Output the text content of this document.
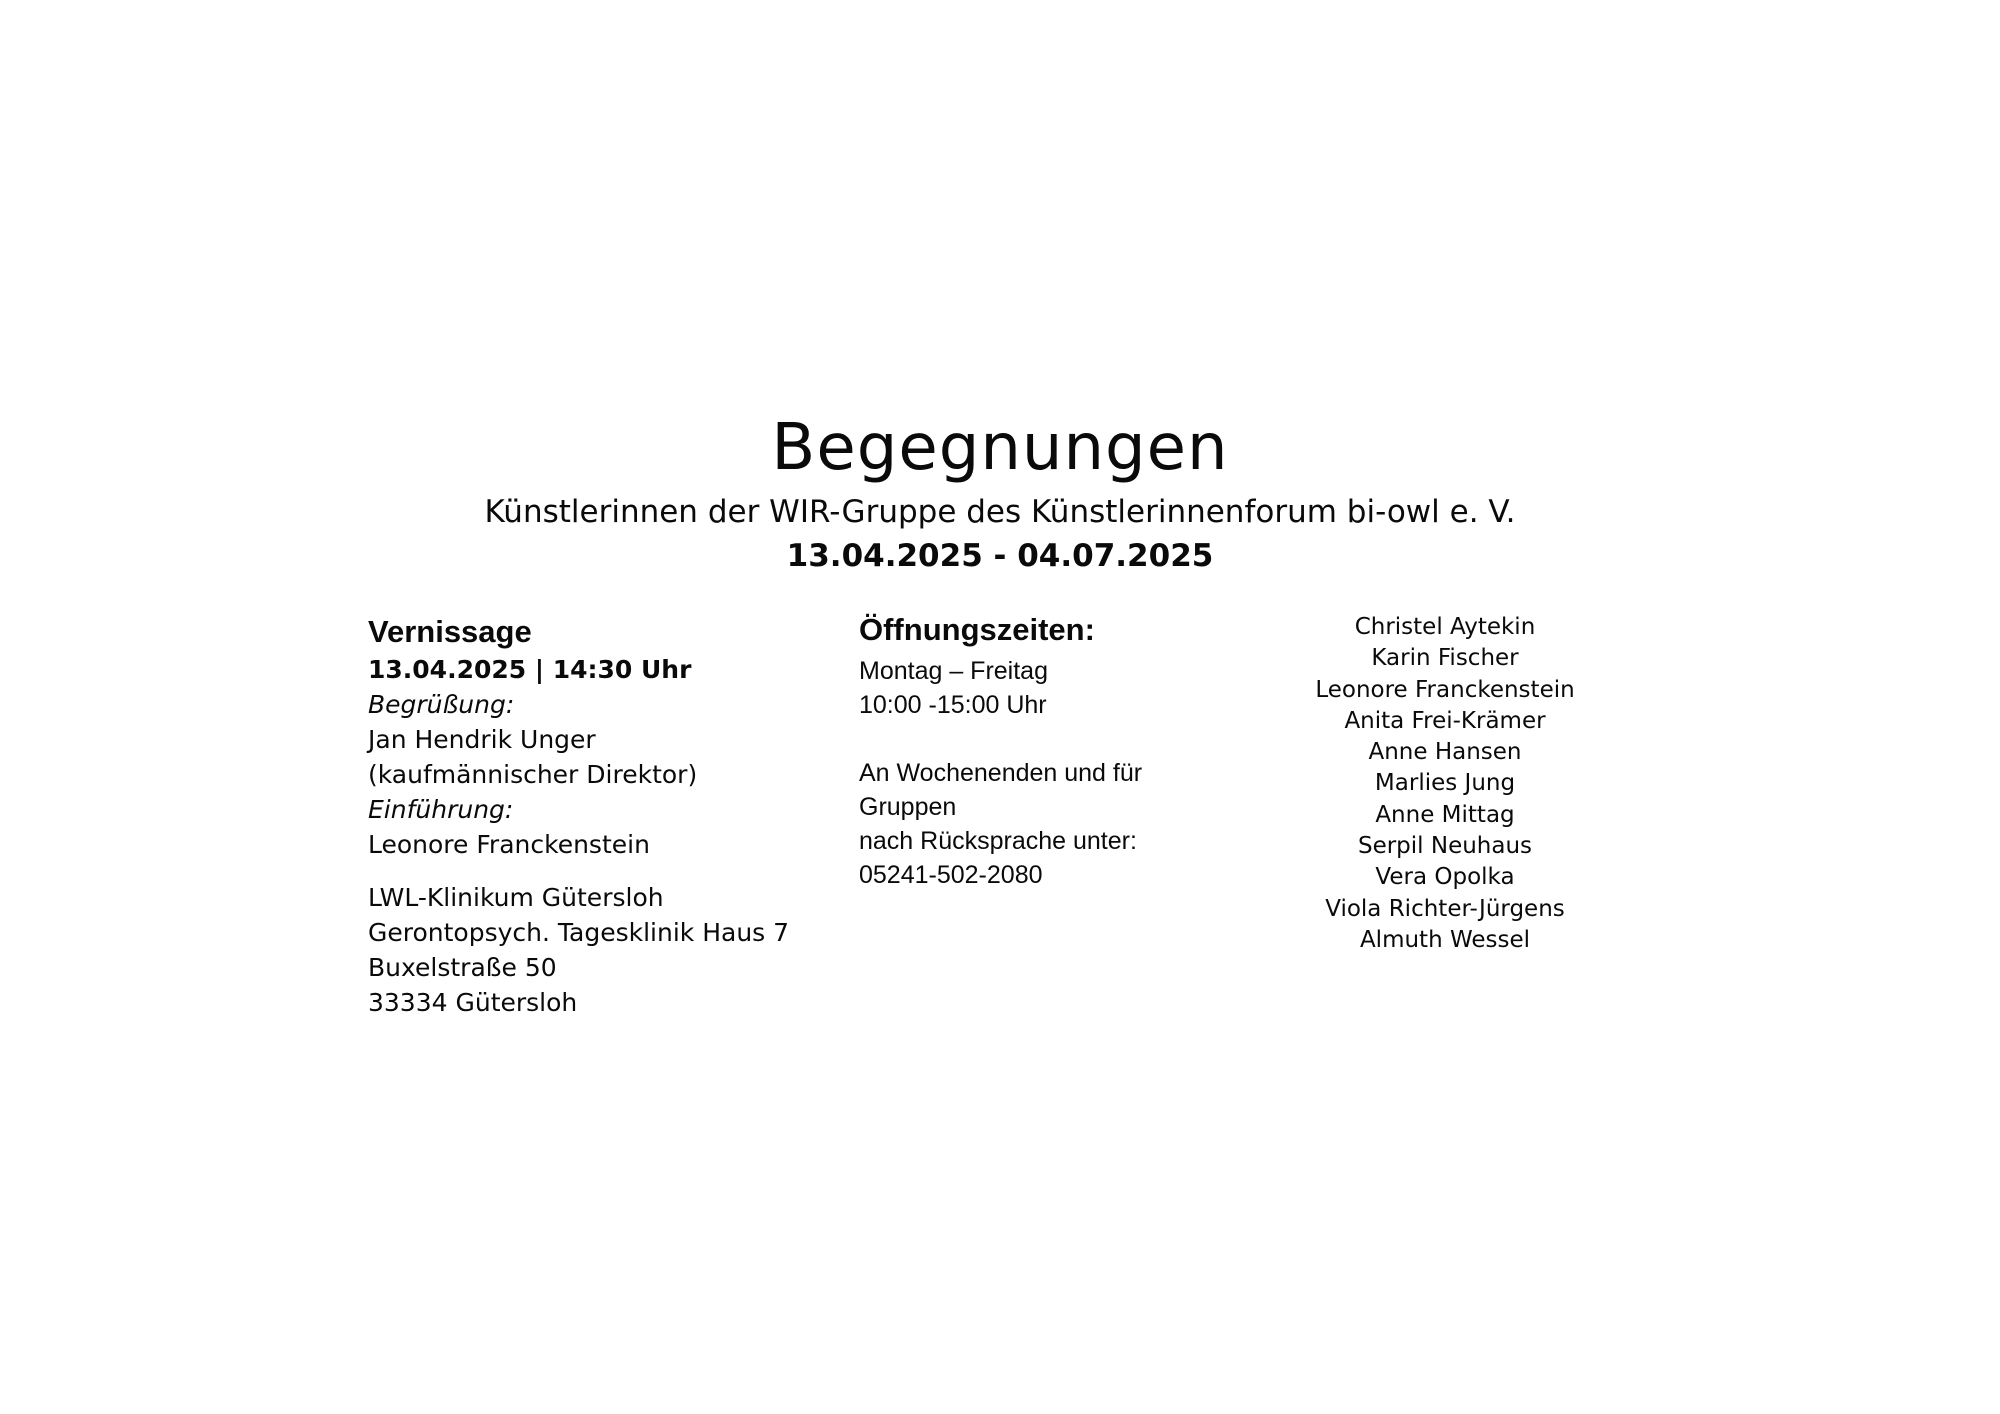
Begegnungen
Künstlerinnen der WIR-Gruppe des Künstlerinnenforum bi-owl e. V.
13.04.2025 - 04.07.2025
Vernissage
13.04.2025 | 14:30 Uhr
Begrüßung:
Jan Hendrik Unger
(kaufmännischer Direktor)
Einführung:
Leonore Franckenstein
LWL-Klinikum Gütersloh
Gerontopsych. Tagesklinik Haus 7
Buxelstraße 50
33334 Gütersloh
Öffnungszeiten:
Montag – Freitag
10:00 -15:00 Uhr
An Wochenenden und für
Gruppen
nach Rücksprache unter:
05241-502-2080
Christel Aytekin
Karin Fischer
Leonore Franckenstein
Anita Frei-Krämer
Anne Hansen
Marlies Jung
Anne Mittag
Serpil Neuhaus
Vera Opolka
Viola Richter-Jürgens
Almuth Wessel
